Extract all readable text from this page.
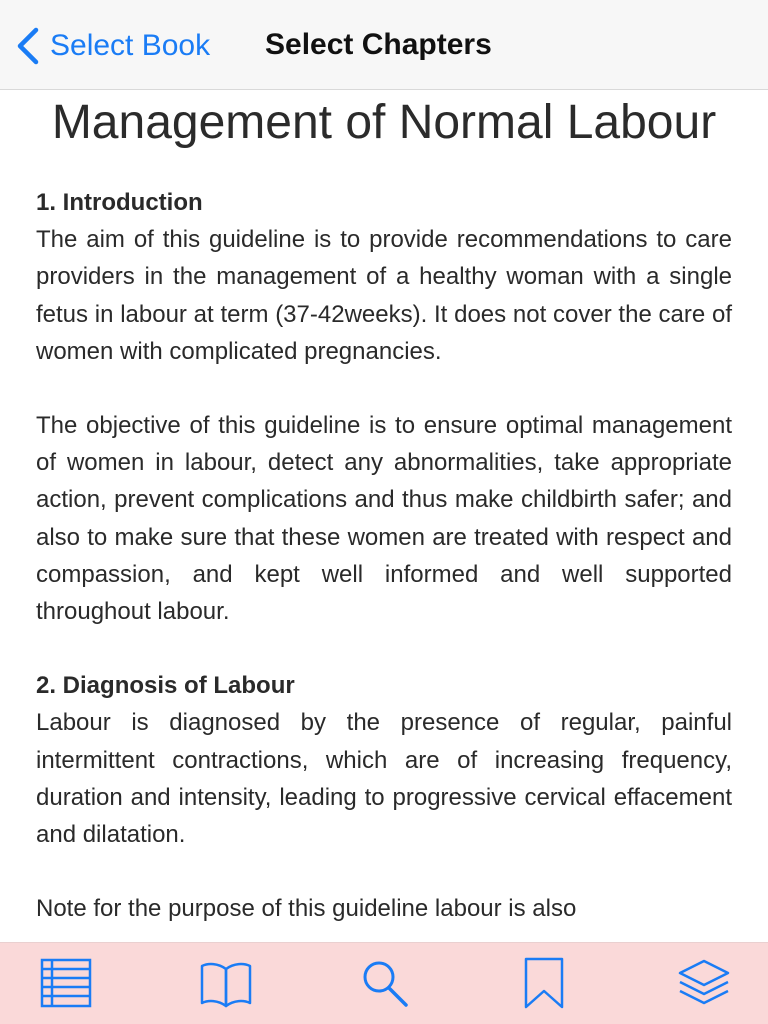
Select Book Select Chapters
Management of Normal Labour
1. Introduction

The aim of this guideline is to provide recommendations to care providers in the management of a healthy woman with a single fetus in labour at term (37-42weeks). It does not cover the care of women with complicated pregnancies.

The objective of this guideline is to ensure optimal management of women in labour, detect any abnormalities, take appropriate action, prevent complications and thus make childbirth safer; and also to make sure that these women are treated with respect and compassion, and kept well informed and well supported throughout labour.

2. Diagnosis of Labour

Labour is diagnosed by the presence of regular, painful intermittent contractions, which are of increasing frequency, duration and intensity, leading to progressive cervical effacement and dilatation.

Note for the purpose of this guideline labour is also
